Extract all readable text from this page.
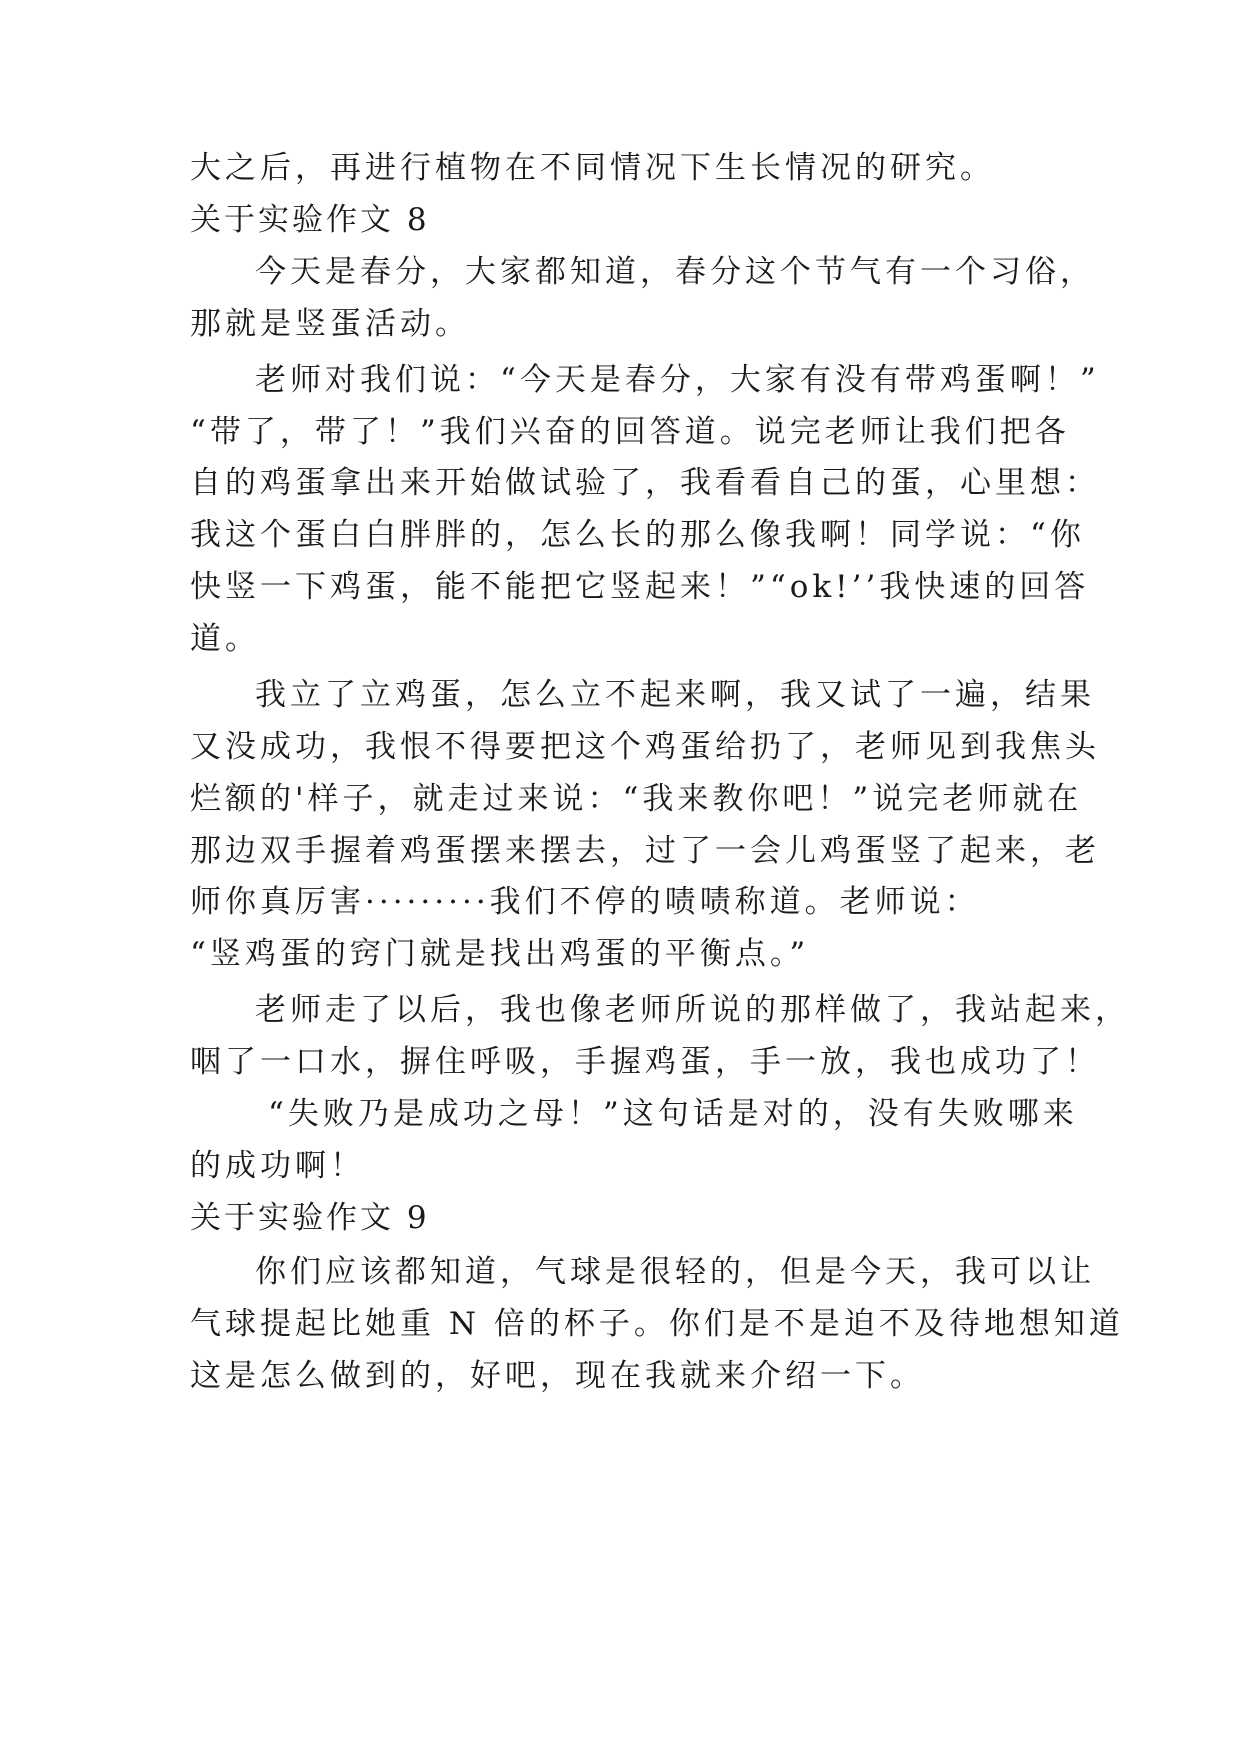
大之后，再进行植物在不同情况下生长情况的研究。
关于实验作文 8
今天是春分，大家都知道，春分这个节气有一个习俗，
那就是竖蛋活动。
老师对我们说：“今天是春分，大家有没有带鸡蛋啊！”
“带了，带了！”我们兴奋的回答道。说完老师让我们把各
自的鸡蛋拿出来开始做试验了，我看看自己的蛋，心里想：
我这个蛋白白胖胖的，怎么长的那么像我啊！同学说：“你
快竖一下鸡蛋，能不能把它竖起来！”“ok!’’我快速的回答
道。
我立了立鸡蛋，怎么立不起来啊，我又试了一遍，结果
又没成功，我恨不得要把这个鸡蛋给扔了，老师见到我焦头
烂额的'样子，就走过来说：“我来教你吧！”说完老师就在
那边双手握着鸡蛋摆来摆去，过了一会儿鸡蛋竖了起来，老
师你真厉害·········我们不停的啧啧称道。老师说：
“竖鸡蛋的窍门就是找出鸡蛋的平衡点。”
老师走了以后，我也像老师所说的那样做了，我站起来，
咽了一口水，摒住呼吸，手握鸡蛋，手一放，我也成功了！
“失败乃是成功之母！”这句话是对的，没有失败哪来
的成功啊！
关于实验作文 9
你们应该都知道，气球是很轻的，但是今天，我可以让
气球提起比她重 N 倍的杯子。你们是不是迫不及待地想知道
这是怎么做到的，好吧，现在我就来介绍一下。
